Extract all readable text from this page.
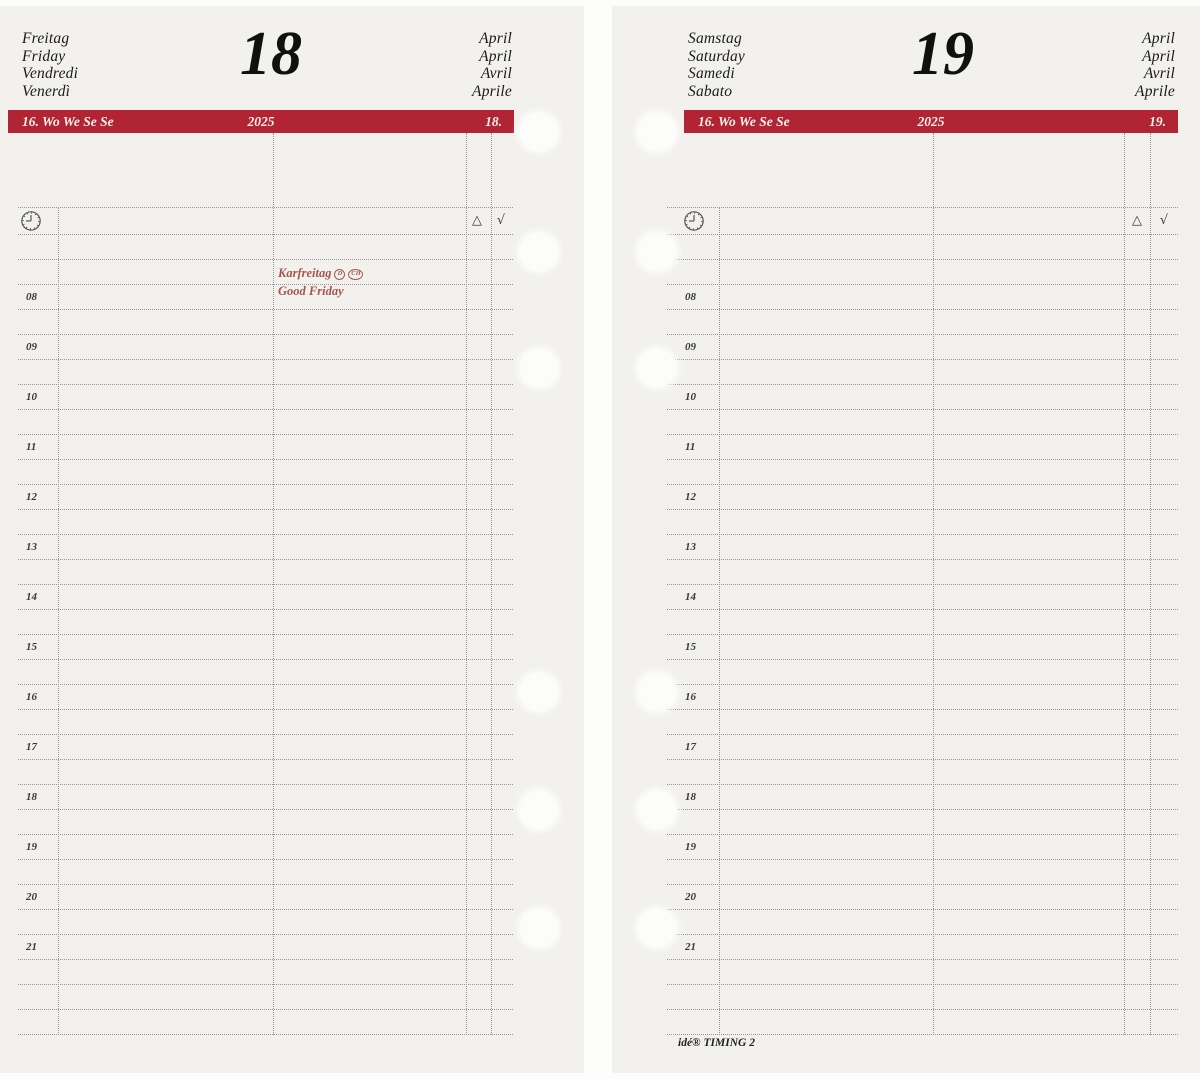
Freitag
Friday
Vendredi
Venerdì
18	April
April
Avril
Aprile
16. Wo We Se Se	2025	18.
Karfreitag D CH
Good Friday
△	√
08
09
10
11
12
13
14
15
16
17
18
19
20
21
Samstag
Saturday
Samedi
Sabato
19	April
April
Avril
Aprile
16. Wo We Se Se	2025	19.
△	√
08
09
10
11
12
13
14
15
16
17
18
19
20
21
idé® TIMING 2
